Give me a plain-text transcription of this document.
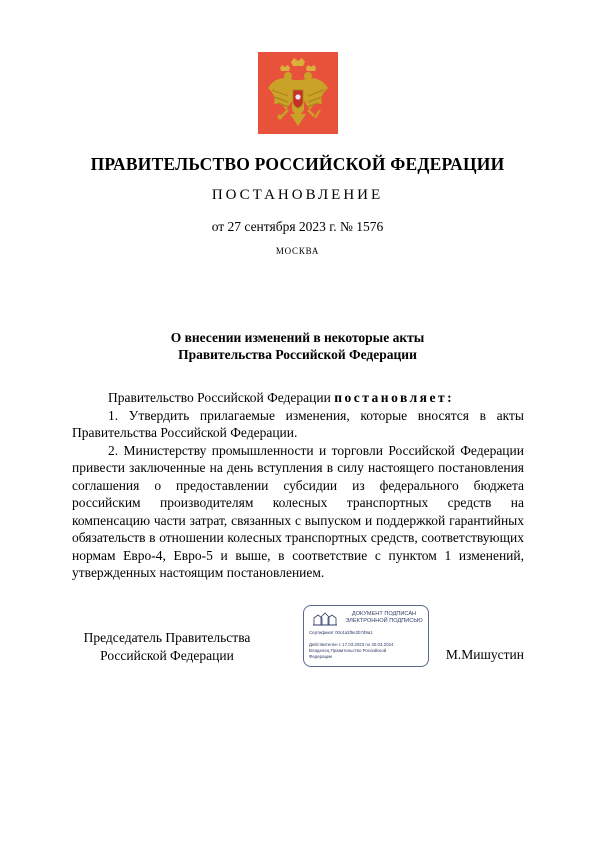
ПРАВИТЕЛЬСТВО РОССИЙСКОЙ ФЕДЕРАЦИИ
ПОСТАНОВЛЕНИЕ
от 27 сентября 2023 г. № 1576
МОСКВА
О внесении изменений в некоторые акты
Правительства Российской Федерации

Правительство Российской Федерации постановляет:

1. Утвердить прилагаемые изменения, которые вносятся в акты Правительства Российской Федерации.

2. Министерству промышленности и торговли Российской Федерации привести заключенные на день вступления в силу настоящего постановления соглашения о предоставлении субсидии из федерального бюджета российским производителям колесных транспортных средств на компенсацию части затрат, связанных с выпуском и поддержкой гарантийных обязательств в отношении колесных транспортных средств, соответствующих нормам Евро-4, Евро-5 и выше, в соответствие с пунктом 1 изменений, утвержденных настоящим постановлением.

Председатель Правительства
Российской Федерации
ДОКУМЕНТ ПОДПИСАН
ЭЛЕКТРОННОЙ ПОДПИСЬЮ
Сертификат 00c4a3f5e2b7d9a1
Действителен с 17.03.2023 по 30.03.2024
Владелец Правительство Российской
Федерации	М.Мишустин
